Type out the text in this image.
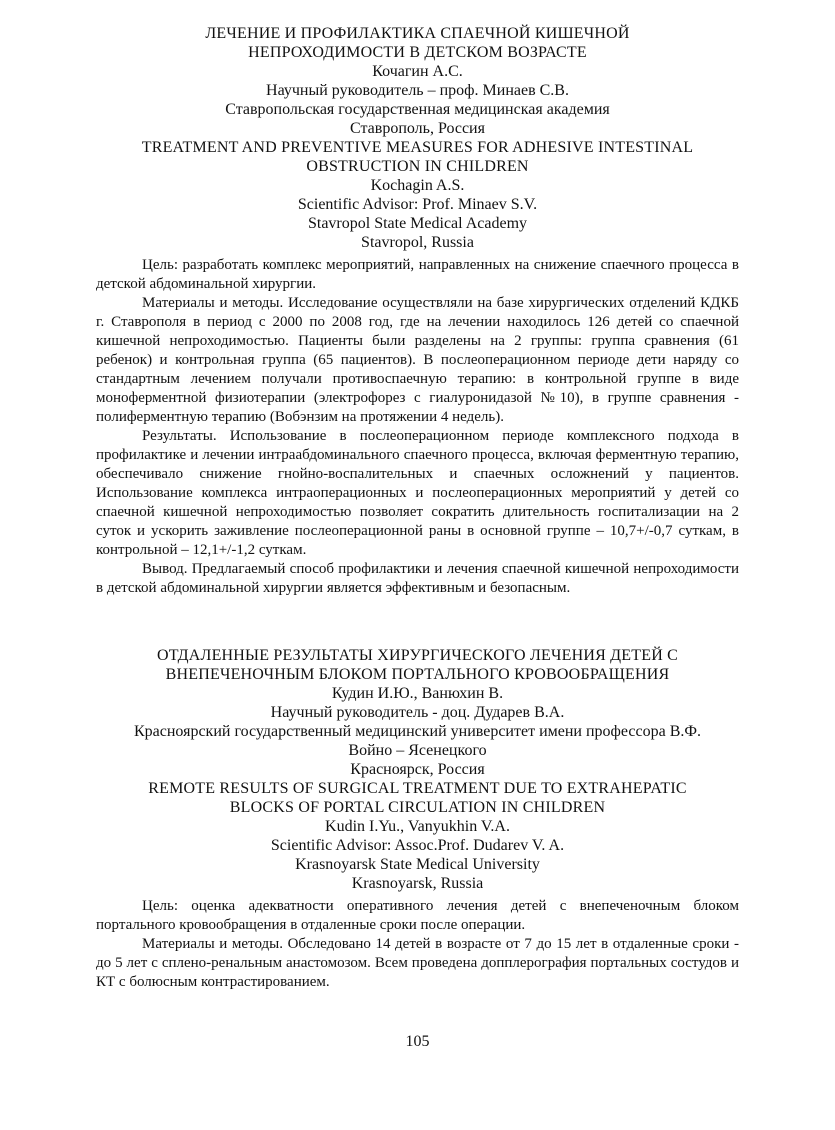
ЛЕЧЕНИЕ И ПРОФИЛАКТИКА СПАЕЧНОЙ КИШЕЧНОЙ

НЕПРОХОДИМОСТИ В ДЕТСКОМ ВОЗРАСТЕ

Кочагин А.С.

Научный руководитель – проф. Минаев С.В.

Ставропольская государственная медицинская академия

Ставрополь, Россия

TREATMENT AND PREVENTIVE MEASURES FOR ADHESIVE INTESTINAL

OBSTRUCTION IN CHILDREN

Kochagin A.S.

Scientific Advisor: Prof. Minaev S.V.

Stavropol State Medical Academy

Stavropol, Russia

Цель: разработать комплекс мероприятий, направленных на снижение спаечного процесса в детской абдоминальной хирургии.

Материалы и методы. Исследование осуществляли на базе хирургических отделений КДКБ г. Ставрополя в период с 2000 по 2008 год, где на лечении находилось 126 детей со спаечной кишечной непроходимостью. Пациенты были разделены на 2 группы: группа сравнения (61 ребенок) и контрольная группа (65 пациентов). В послеоперационном периоде дети наряду со стандартным лечением получали противоспаечную терапию: в контрольной группе в виде моноферментной физиотерапии (электрофорез с гиалуронидазой №10), в группе сравнения - полиферментную терапию (Вобэнзим на протяжении 4 недель).

Результаты. Использование в послеоперационном периоде комплексного подхода в профилактике и лечении интраабдоминального спаечного процесса, включая ферментную терапию, обеспечивало снижение гнойно-воспалительных и спаечных осложнений у пациентов. Использование комплекса интраоперационных и послеоперационных мероприятий у детей со спаечной кишечной непроходимостью позволяет сократить длительность госпитализации на 2 суток и ускорить заживление послеоперационной раны в основной группе – 10,7+/-0,7 суткам, в контрольной – 12,1+/-1,2 суткам.

Вывод. Предлагаемый способ профилактики и лечения спаечной кишечной непроходимости в детской абдоминальной хирургии является эффективным и безопасным.

ОТДАЛЕННЫЕ РЕЗУЛЬТАТЫ ХИРУРГИЧЕСКОГО ЛЕЧЕНИЯ ДЕТЕЙ С

ВНЕПЕЧЕНОЧНЫМ БЛОКОМ ПОРТАЛЬНОГО КРОВООБРАЩЕНИЯ

Кудин И.Ю., Ванюхин В.

Научный руководитель - доц. Дударев В.А.

Красноярский государственный медицинский университет имени профессора В.Ф.

Войно – Ясенецкого

Красноярск, Россия

REMOTE RESULTS OF SURGICAL TREATMENT DUE TO EXTRAHEPATIC

BLOCKS OF PORTAL CIRCULATION IN CHILDREN

Kudin I.Yu., Vanyukhin V.A.

Scientific Advisor: Assoc.Prof. Dudarev V. A.

Krasnoyarsk State Medical University

Krasnoyarsk, Russia

Цель: оценка адекватности оперативного лечения детей с внепеченочным блоком портального кровообращения в отдаленные сроки после операции.

Материалы и методы. Обследовано 14 детей в возрасте от 7 до 15 лет в отдаленные сроки - до 5 лет с сплено-ренальным анастомозом. Всем проведена допплерография портальных состудов и КТ с болюсным контрастированием.

105
